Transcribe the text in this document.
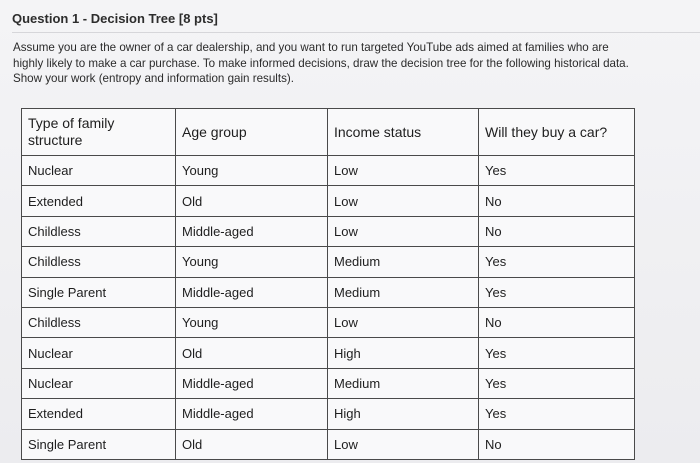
Question 1 - Decision Tree [8 pts]
Assume you are the owner of a car dealership, and you want to run targeted YouTube ads aimed at families who are
highly likely to make a car purchase. To make informed decisions, draw the decision tree for the following historical data.
Show your work (entropy and information gain results).
Type of family structure	Age group	Income status	Will they buy a car?
Nuclear	Young	Low	Yes
Extended	Old	Low	No
Childless	Middle-aged	Low	No
Childless	Young	Medium	Yes
Single Parent	Middle-aged	Medium	Yes
Childless	Young	Low	No
Nuclear	Old	High	Yes
Nuclear	Middle-aged	Medium	Yes
Extended	Middle-aged	High	Yes
Single Parent	Old	Low	No
